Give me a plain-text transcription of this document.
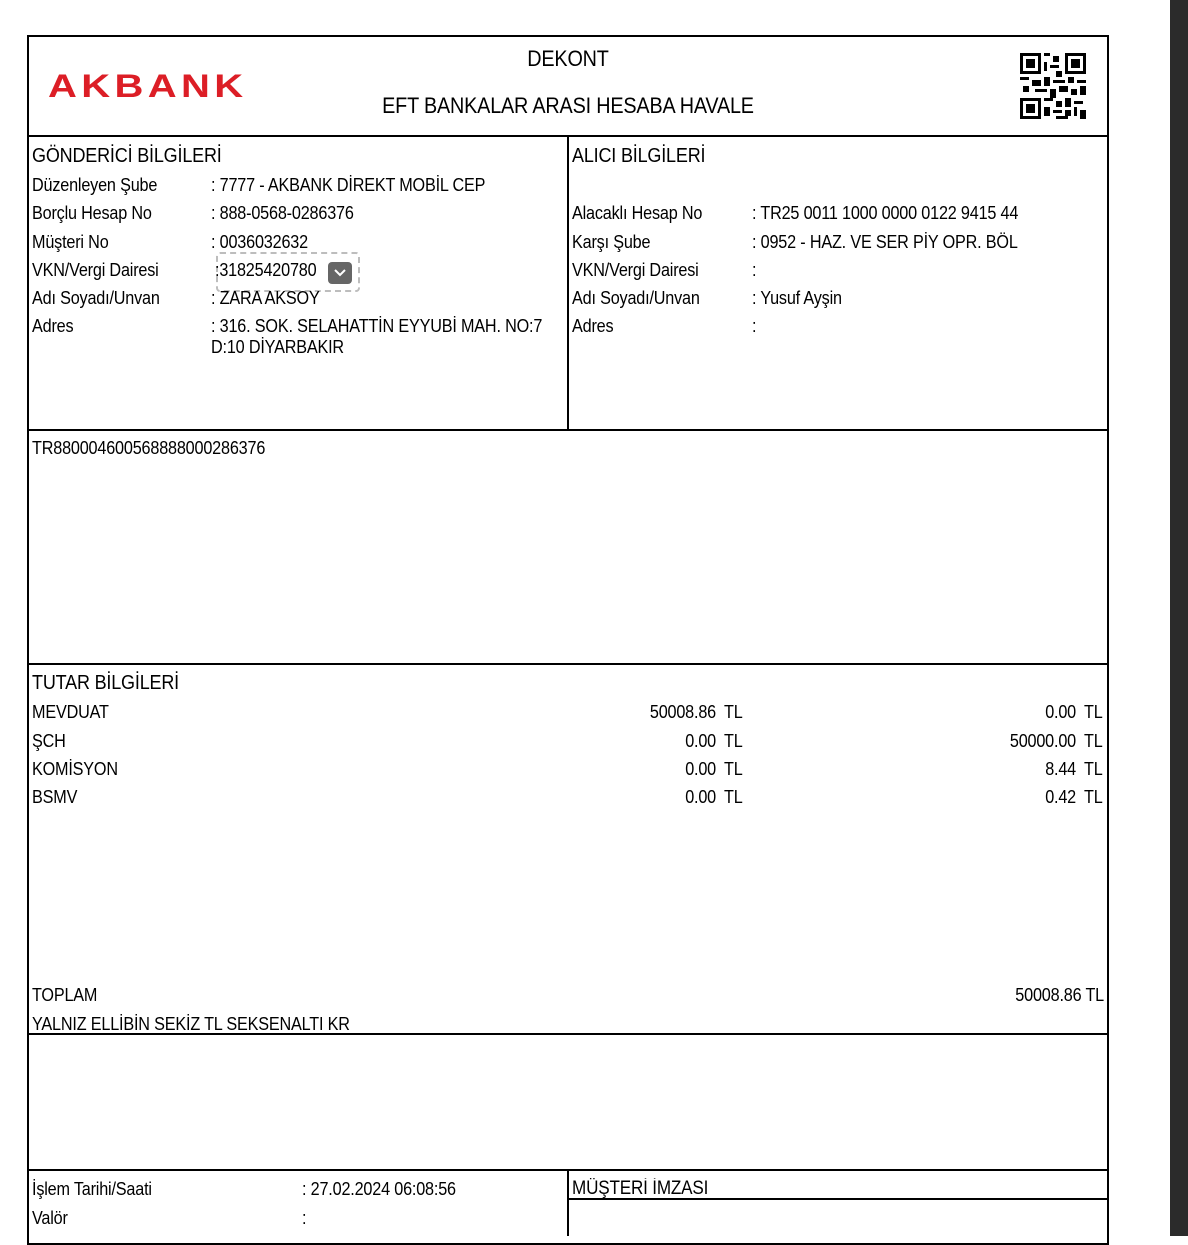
AKBANK
DEKONT
EFT BANKALAR ARASI HESABA HAVALE
GÖNDERİCİ BİLGİLERİ
Düzenleyen Şube	: 7777 - AKBANK DİREKT MOBİL CEP
Borçlu Hesap No	: 888-0568-0286376
Müşteri No	: 0036032632
VKN/Vergi Dairesi	:31825420780
Adı Soyadı/Unvan	: ZARA AKSOY
Adres	: 316. SOK. SELAHATTİN EYYUBİ MAH. NO:7
D:10 DİYARBAKIR
ALICI BİLGİLERİ
Alacaklı Hesap No	: TR25 0011 1000 0000 0122 9415 44
Karşı Şube	: 0952 - HAZ. VE SER PİY OPR. BÖL
VKN/Vergi Dairesi	:
Adı Soyadı/Unvan	: Yusuf Ayşin
Adres	:
TR880004600568888000286376
TUTAR BİLGİLERİ
MEVDUAT	50008.86 TL	0.00 TL
ŞCH	0.00 TL	50000.00 TL
KOMİSYON	0.00 TL	8.44 TL
BSMV	0.00 TL	0.42 TL
TOPLAM	50008.86 TL
YALNIZ ELLİBİN SEKİZ TL SEKSENALTI KR
İşlem Tarihi/Saati	: 27.02.2024 06:08:56
Valör	:
MÜŞTERİ İMZASI
